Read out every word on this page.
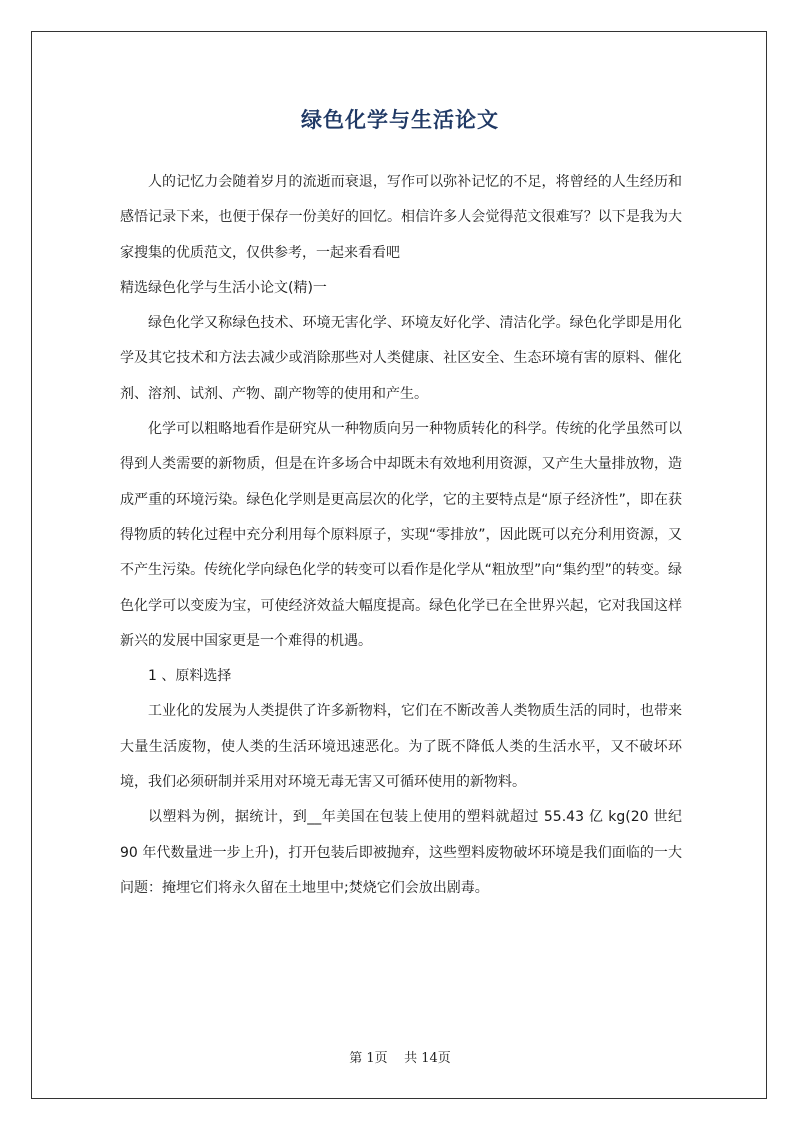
绿色化学与生活论文

人的记忆力会随着岁月的流逝而衰退，写作可以弥补记忆的不足，将曾经的人生经历和感悟记录下来，也便于保存一份美好的回忆。相信许多人会觉得范文很难写？以下是我为大家搜集的优质范文，仅供参考，一起来看看吧

精选绿色化学与生活小论文(精)一

绿色化学又称绿色技术、环境无害化学、环境友好化学、清洁化学。绿色化学即是用化学及其它技术和方法去减少或消除那些对人类健康、社区安全、生态环境有害的原料、催化剂、溶剂、试剂、产物、副产物等的使用和产生。

化学可以粗略地看作是研究从一种物质向另一种物质转化的科学。传统的化学虽然可以得到人类需要的新物质，但是在许多场合中却既未有效地利用资源，又产生大量排放物，造成严重的环境污染。绿色化学则是更高层次的化学，它的主要特点是“原子经济性”，即在获得物质的转化过程中充分利用每个原料原子，实现“零排放”，因此既可以充分利用资源，又不产生污染。传统化学向绿色化学的转变可以看作是化学从“粗放型”向“集约型”的转变。绿色化学可以变废为宝，可使经济效益大幅度提高。绿色化学已在全世界兴起，它对我国这样新兴的发展中国家更是一个难得的机遇。

1 、原料选择

工业化的发展为人类提供了许多新物料，它们在不断改善人类物质生活的同时，也带来大量生活废物，使人类的生活环境迅速恶化。为了既不降低人类的生活水平，又不破坏环境，我们必须研制并采用对环境无毒无害又可循环使用的新物料。

以塑料为例，据统计，到__年美国在包装上使用的塑料就超过 55.43 亿 kg(20 世纪 90 年代数量进一步上升)，打开包装后即被抛弃，这些塑料废物破坏环境是我们面临的一大问题：掩埋它们将永久留在土地里中;焚烧它们会放出剧毒。

第 1页    共 14页
